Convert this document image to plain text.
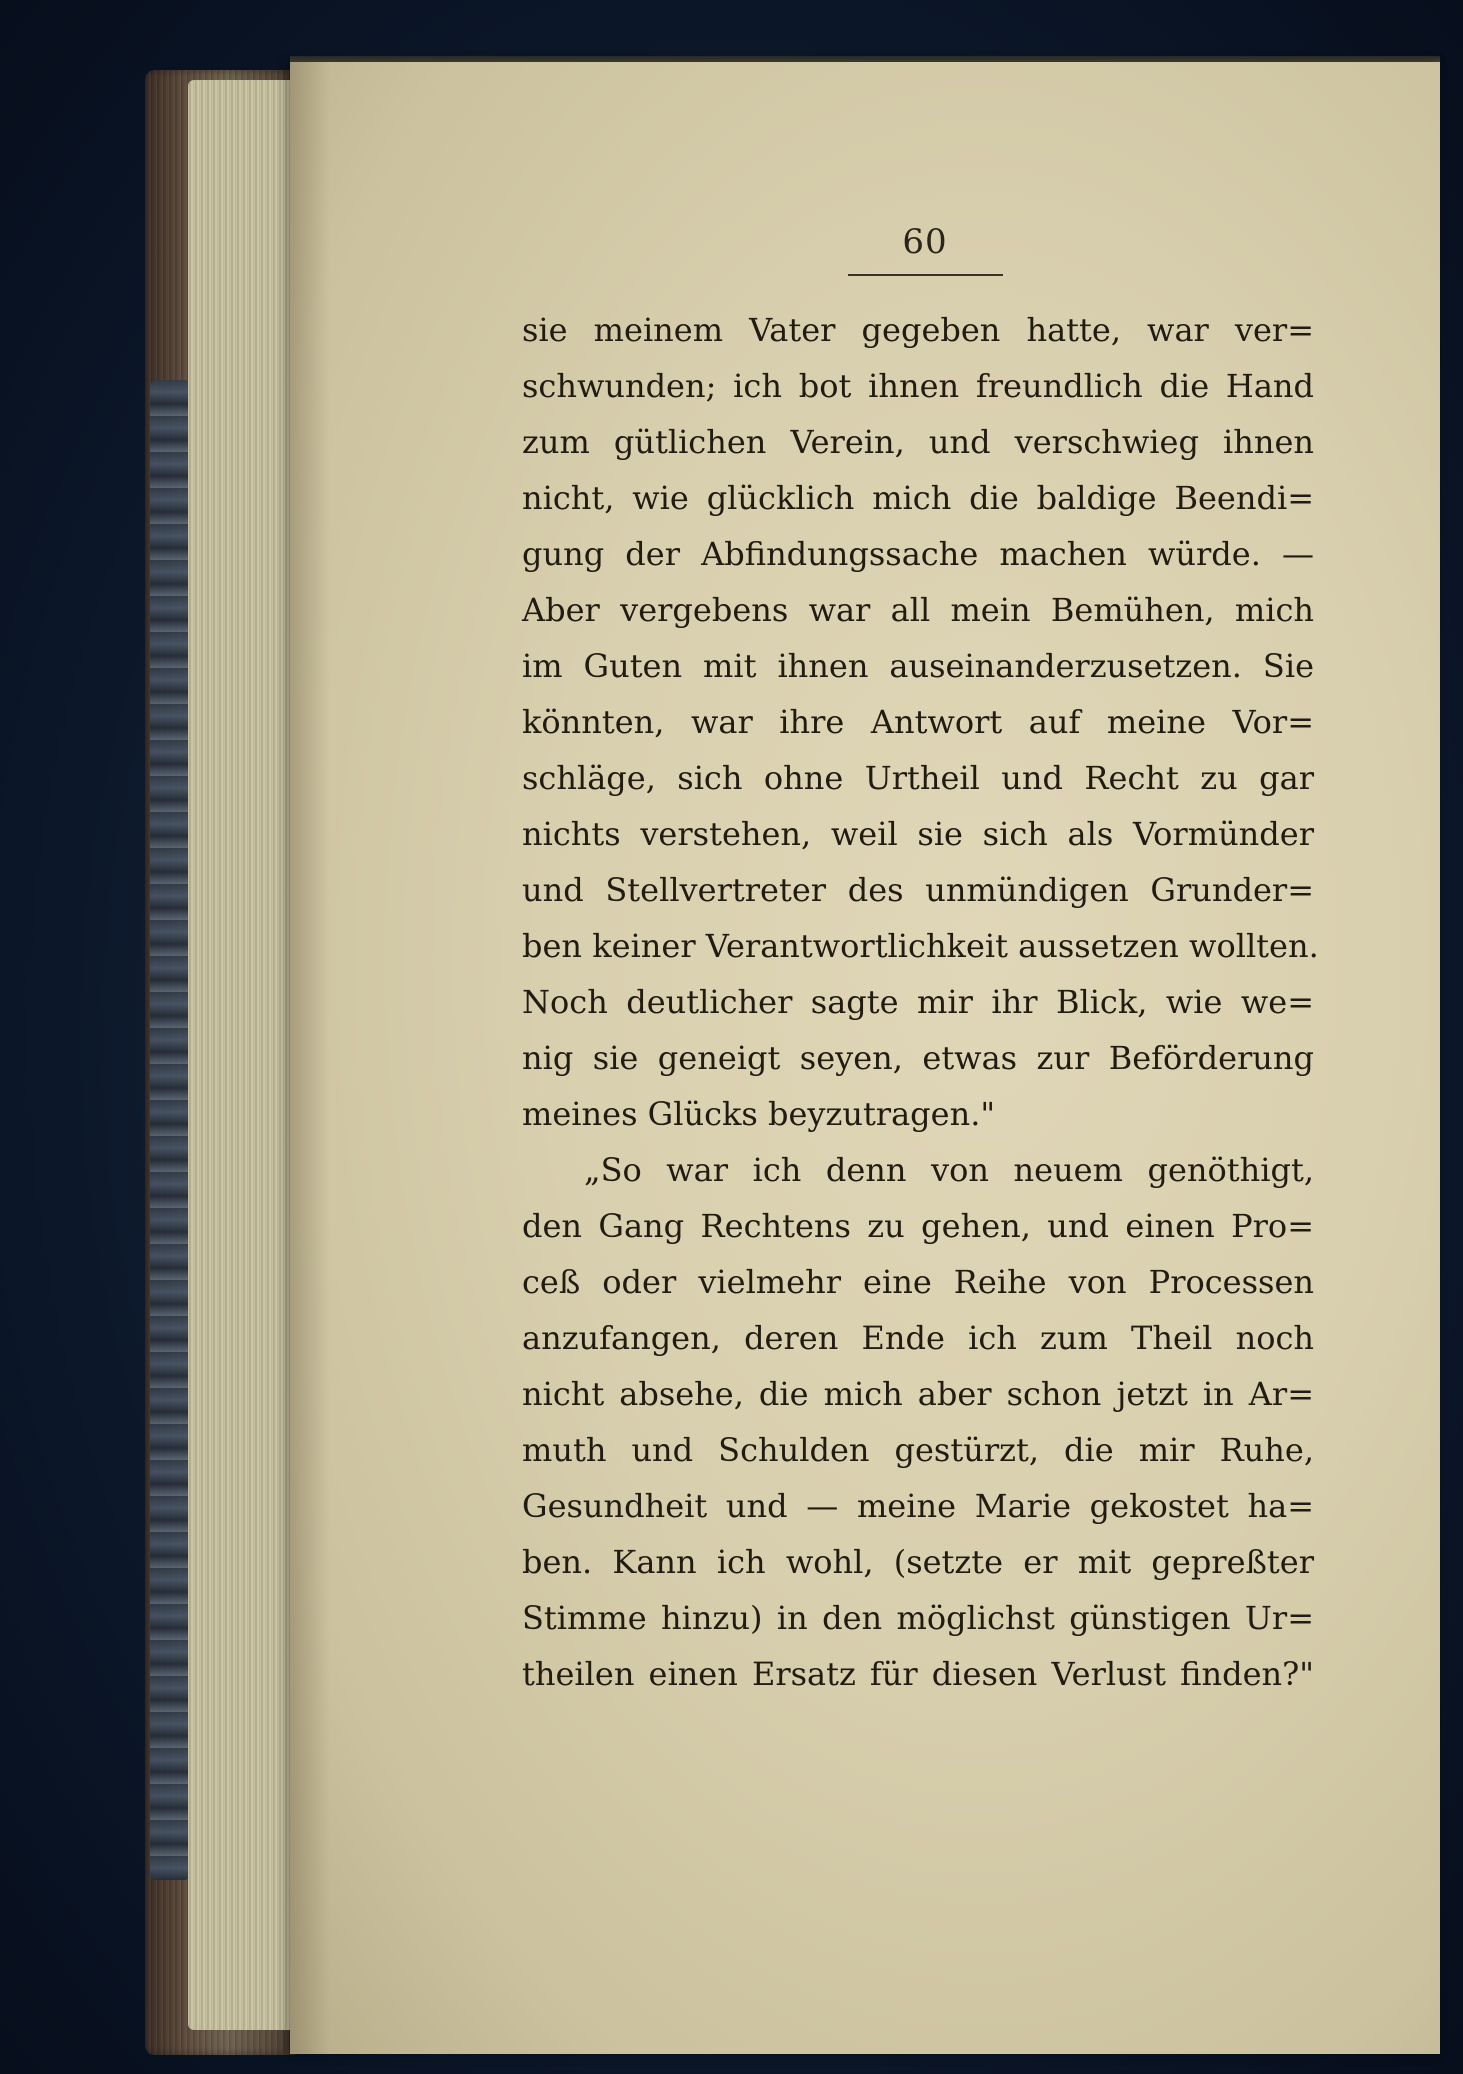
60
sie meinem Vater gegeben hatte, war ver=
schwunden; ich bot ihnen freundlich die Hand
zum gütlichen Verein, und verschwieg ihnen
nicht, wie glücklich mich die baldige Beendi=
gung der Abfindungssache machen würde. —
Aber vergebens war all mein Bemühen, mich
im Guten mit ihnen auseinanderzusetzen. Sie
könnten, war ihre Antwort auf meine Vor=
schläge, sich ohne Urtheil und Recht zu gar
nichts verstehen, weil sie sich als Vormünder
und Stellvertreter des unmündigen Grunder=
ben keiner Verantwortlichkeit aussetzen wollten.
Noch deutlicher sagte mir ihr Blick, wie we=
nig sie geneigt seyen, etwas zur Beförderung
meines Glücks beyzutragen."
„So war ich denn von neuem genöthigt,
den Gang Rechtens zu gehen, und einen Pro=
ceß oder vielmehr eine Reihe von Processen
anzufangen, deren Ende ich zum Theil noch
nicht absehe, die mich aber schon jetzt in Ar=
muth und Schulden gestürzt, die mir Ruhe,
Gesundheit und — meine Marie gekostet ha=
ben. Kann ich wohl, (setzte er mit gepreßter
Stimme hinzu) in den möglichst günstigen Ur=
theilen einen Ersatz für diesen Verlust finden?"
